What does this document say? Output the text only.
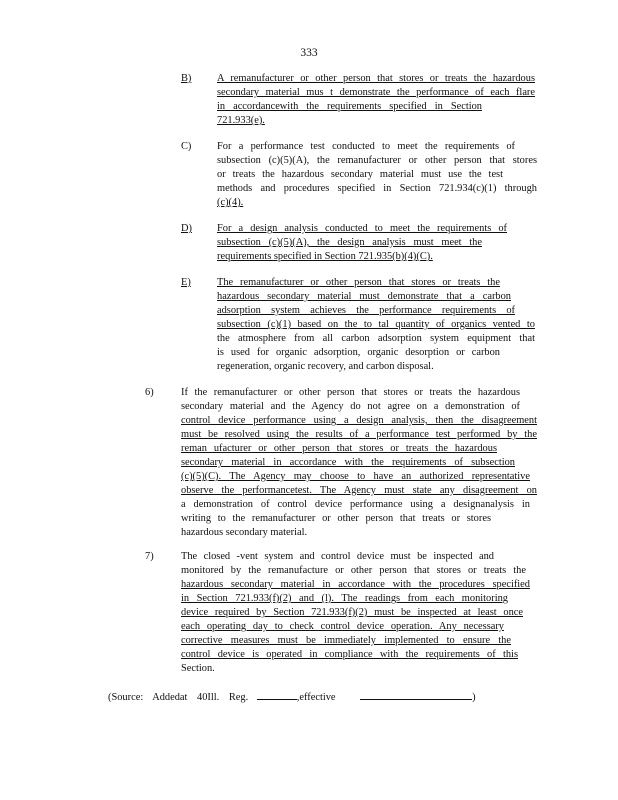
333
B) A remanufacturer or other person that stores or treats the hazardous
secondary material mus t demonstrate the performance of each flare
in accordancewith the requirements specified in Section
721.933(e).
C) For a performance test conducted to meet the requirements of
subsection (c)(5)(A), the remanufacturer or other person that stores
or treats the hazardous secondary material must use the test
methods and procedures specified in Section 721.934(c)(1) through
(c)(4).
D) For a design analysis conducted to meet the requirements of
subsection (c)(5)(A), the design analysis must meet the
requirements specified in Section 721.935(b)(4)(C).
E)	The remanufacturer or other person that stores or treats the
hazardous secondary material must demonstrate that a carbon
adsorption system achieves the performance requirements of
subsection (c)(1) based on the to tal quantity of organics vented to
the atmosphere from all carbon adsorption system equipment that
is used for organic adsorption, organic desorption or carbon
regeneration, organic recovery, and carbon disposal.
6)	If the remanufacturer or other person that stores or treats the hazardous
secondary material and the Agency do not agree on a demonstration of
control device performance using a design analysis, then the disagreement
must be resolved using the results of a performance test performed by the
reman ufacturer or other person that stores or treats the hazardous
secondary material in accordance with the requirements of subsection
(c)(5)(C). The Agency may choose to have an authorized representative
observe the performancetest. The Agency must state any disagreement on
a demonstration of control device performance using a designanalysis in
writing to the remanufacturer or other person that treats or stores
hazardous secondary material.
7)	The closed -vent system and control device must be inspected and
monitored by the remanufacture or other person that stores or treats the
hazardous secondary material in accordance with the procedures specified
in Section 721.933(f)(2) and (l). The readings from each monitoring
device required by Section 721.933(f)(2) must be inspected at least once
each operating day to check control device operation. Any necessary
corrective measures must be immediately implemented to ensure the
control device is operated in compliance with the requirements of this
Section.
(Source: Addedat 40Ill. Reg.	,effective	)
